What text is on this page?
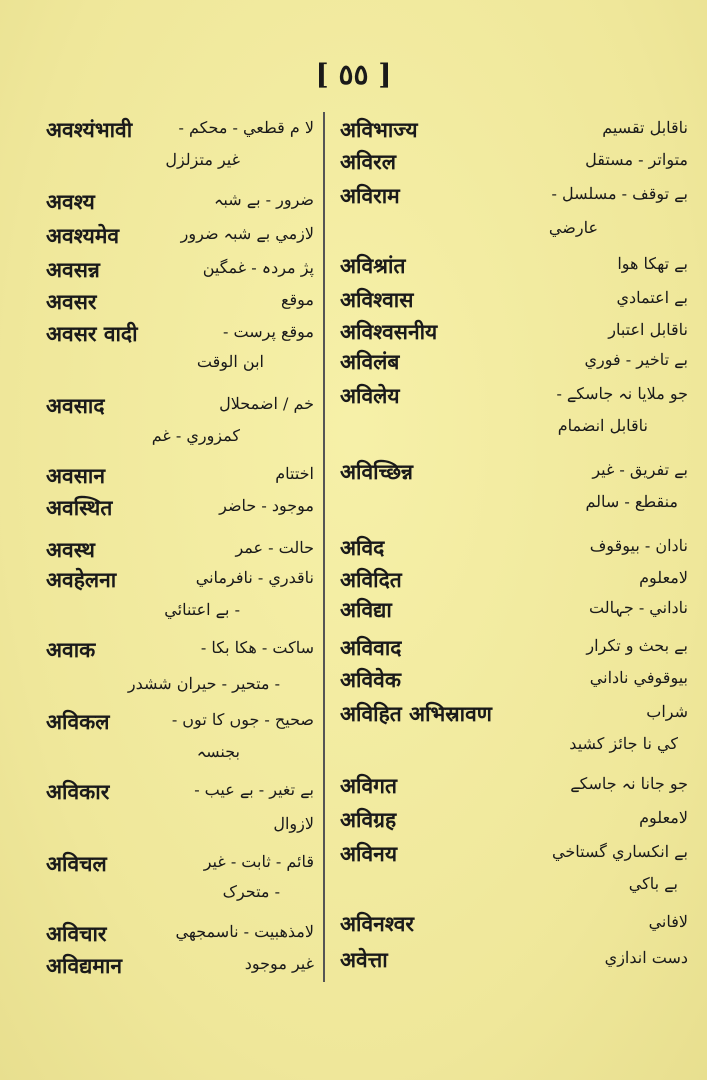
[ ٥٥ ]
अवश्यंभावी	لا م قطعي - محکم -
غير متزلزل
अवश्य	ضرور - بے شبہ
अवश्यमेव	لازمي بے شبہ ضرور
अवसन्न	پژ مردہ - غمگين
अवसर	موقع
अवसर वादी	موقع پرست -
ابن الوقت
अवसाद	خم / اضمحلال
کمزوري - غم
अवसान	اختتام
अवस्थित	موجود - حاضر
अवस्थ	حالت - عمر
अवहेलना	ناقدري - نافرماني
- بے اعتنائي
अवाक	ساکت - ھکا بکا -
- متحير - حيران ششدر
अविकल	صحيح - جوں کا توں -
بجنسہ
अविकार	بے تغير - بے عيب -
لازوال
अविचल	قائم - ثابت - غير
- متحرک
अविचार	لامذھبيت - ناسمجھي
अविद्यमान	غير موجود
अविभाज्य	ناقابل تقسيم
अविरल	متواتر - مستقل
अविराम	بے توقف - مسلسل -
عارضي
अविश्रांत	بے تھکا ھوا
अविश्वास	بے اعتمادي
अविश्वसनीय	ناقابل اعتبار
अविलंब	بے تاخير - فوري
अविलेय	جو ملايا نہ جاسکے -
ناقابل انضمام
अविच्छिन्न	بے تفريق - غير
منقطع - سالم
अविद	نادان - بيوقوف
अविदित	لامعلوم
अविद्या	ناداني - جہالت
अविवाद	بے بحث و تکرار
अविवेक	بيوقوفي ناداني
अविहित अभिस्रावण	شراب
کي نا جائز کشيد
अविगत	جو جانا نہ جاسکے
अविग्रह	لامعلوم
अविनय	بے انکساري گستاخي
بے باکي
अविनश्वर	لافاني
अवेत्ता	دست اندازي
